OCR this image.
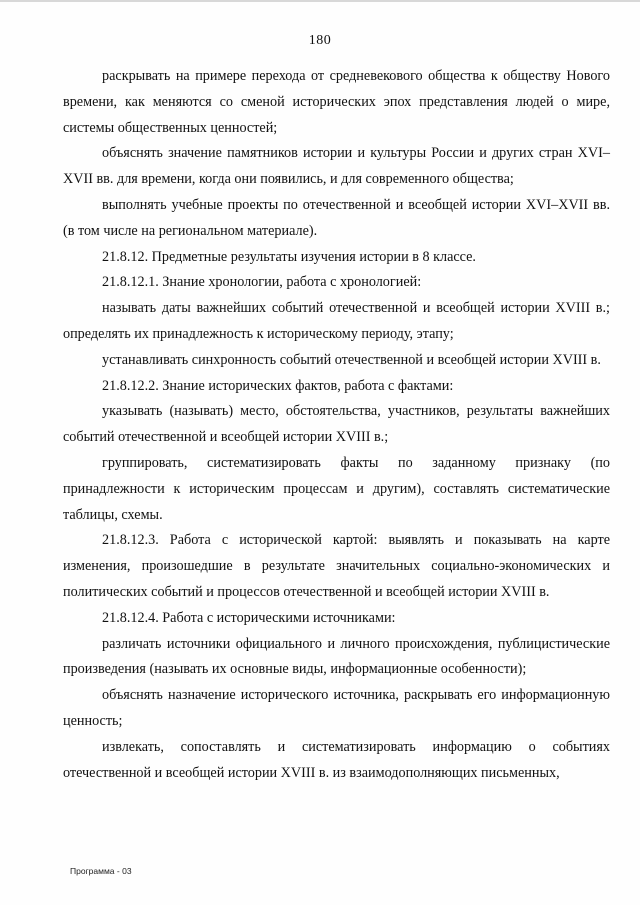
180

раскрывать на примере перехода от средневекового общества к обществу Нового времени, как меняются со сменой исторических эпох представления людей о мире, системы общественных ценностей;

объяснять значение памятников истории и культуры России и других стран XVI–XVII вв. для времени, когда они появились, и для современного общества;

выполнять учебные проекты по отечественной и всеобщей истории XVI–XVII вв. (в том числе на региональном материале).

21.8.12. Предметные результаты изучения истории в 8 классе.

21.8.12.1. Знание хронологии, работа с хронологией:

называть даты важнейших событий отечественной и всеобщей истории XVIII в.; определять их принадлежность к историческому периоду, этапу;

устанавливать синхронность событий отечественной и всеобщей истории XVIII в.

21.8.12.2. Знание исторических фактов, работа с фактами:

указывать (называть) место, обстоятельства, участников, результаты важнейших событий отечественной и всеобщей истории XVIII в.;

группировать, систематизировать факты по заданному признаку (по принадлежности к историческим процессам и другим), составлять систематические таблицы, схемы.

21.8.12.3. Работа с исторической картой: выявлять и показывать на карте изменения, произошедшие в результате значительных социально-экономических и политических событий и процессов отечественной и всеобщей истории XVIII в.

21.8.12.4. Работа с историческими источниками:

различать источники официального и личного происхождения, публицистические произведения (называть их основные виды, информационные особенности);

объяснять назначение исторического источника, раскрывать его информационную ценность;

извлекать, сопоставлять и систематизировать информацию о событиях отечественной и всеобщей истории XVIII в. из взаимодополняющих письменных,

Программа - 03
